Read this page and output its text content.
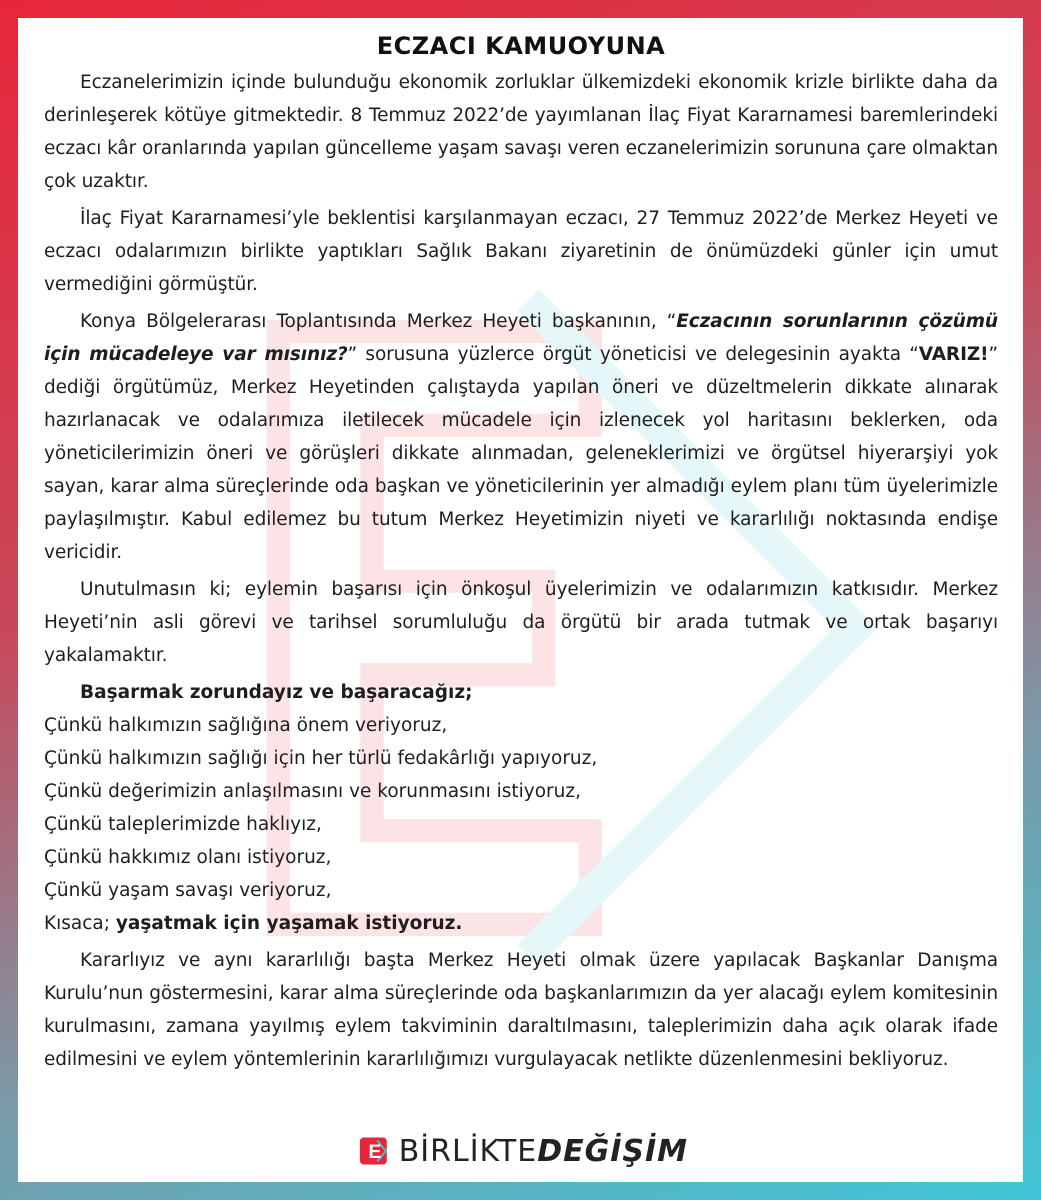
ECZACI KAMUOYUNA

Eczanelerimizin içinde bulunduğu ekonomik zorluklar ülkemizdeki ekonomik krizle birlikte daha da derinleşerek kötüye gitmektedir. 8 Temmuz 2022’de yayımlanan İlaç Fiyat Kararnamesi baremlerindeki eczacı kâr oranlarında yapılan güncelleme yaşam savaşı veren eczanelerimizin sorununa çare olmaktan çok uzaktır.

İlaç Fiyat Kararnamesi’yle beklentisi karşılanmayan eczacı, 27 Temmuz 2022’de Merkez Heyeti ve eczacı odalarımızın birlikte yaptıkları Sağlık Bakanı ziyaretinin de önümüzdeki günler için umut vermediğini görmüştür.

Konya Bölgelerarası Toplantısında Merkez Heyeti başkanının, “Eczacının sorunlarının çözümü için mücadeleye var mısınız?” sorusuna yüzlerce örgüt yöneticisi ve delegesinin ayakta “VARIZ!” dediği örgütümüz, Merkez Heyetinden çalıştayda yapılan öneri ve düzeltmelerin dikkate alınarak hazırlanacak ve odalarımıza iletilecek mücadele için izlenecek yol haritasını beklerken, oda yöneticilerimizin öneri ve görüşleri dikkate alınmadan, geleneklerimizi ve örgütsel hiyerarşiyi yok sayan, karar alma süreçlerinde oda başkan ve yöneticilerinin yer almadığı eylem planı tüm üyelerimizle paylaşılmıştır. Kabul edilemez bu tutum Merkez Heyetimizin niyeti ve kararlılığı noktasında endişe vericidir.

Unutulmasın ki; eylemin başarısı için önkoşul üyelerimizin ve odalarımızın katkısıdır. Merkez Heyeti’nin asli görevi ve tarihsel sorumluluğu da örgütü bir arada tutmak ve ortak başarıyı yakalamaktır.

Başarmak zorundayız ve başaracağız;
Çünkü halkımızın sağlığına önem veriyoruz,
Çünkü halkımızın sağlığı için her türlü fedakârlığı yapıyoruz,
Çünkü değerimizin anlaşılmasını ve korunmasını istiyoruz,
Çünkü taleplerimizde haklıyız,
Çünkü hakkımız olanı istiyoruz,
Çünkü yaşam savaşı veriyoruz,
Kısaca; yaşatmak için yaşamak istiyoruz.

Kararlıyız ve aynı kararlılığı başta Merkez Heyeti olmak üzere yapılacak Başkanlar Danışma Kurulu’nun göstermesini, karar alma süreçlerinde oda başkanlarımızın da yer alacağı eylem komitesinin kurulmasını, zamana yayılmış eylem takviminin daraltılmasını, taleplerimizin daha açık olarak ifade edilmesini ve eylem yöntemlerinin kararlılığımızı vurgulayacak netlikte düzenlenmesini bekliyoruz.

E BİRLİKTEDEĞİŞİM
